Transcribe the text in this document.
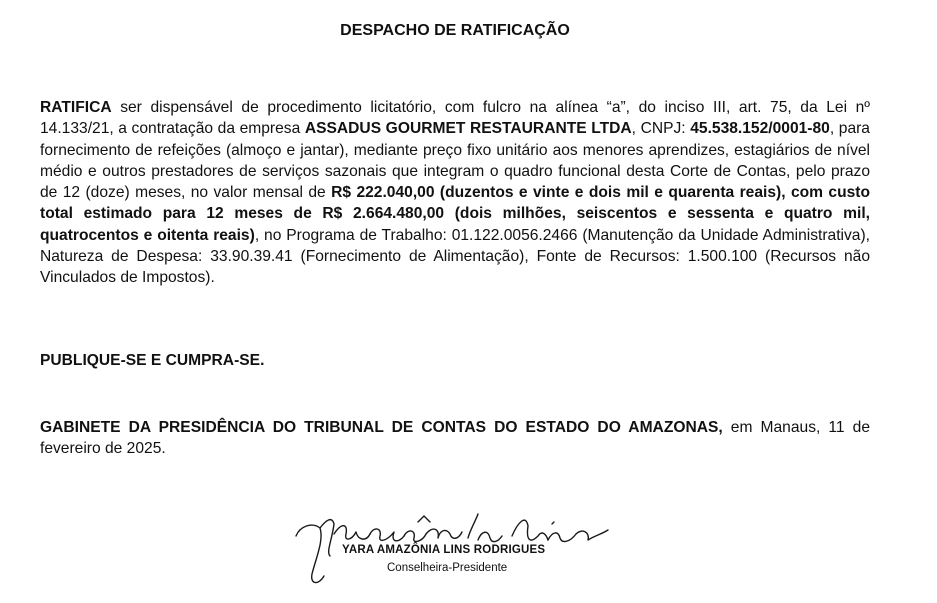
DESPACHO DE RATIFICAÇÃO

RATIFICA ser dispensável de procedimento licitatório, com fulcro na alínea “a”, do inciso III, art. 75, da Lei nº 14.133/21, a contratação da empresa ASSADUS GOURMET RESTAURANTE LTDA, CNPJ: 45.538.152/0001-80, para fornecimento de refeições (almoço e jantar), mediante preço fixo unitário aos menores aprendizes, estagiários de nível médio e outros prestadores de serviços sazonais que integram o quadro funcional desta Corte de Contas, pelo prazo de 12 (doze) meses, no valor mensal de R$ 222.040,00 (duzentos e vinte e dois mil e quarenta reais), com custo total estimado para 12 meses de R$ 2.664.480,00 (dois milhões, seiscentos e sessenta e quatro mil, quatrocentos e oitenta reais), no Programa de Trabalho: 01.122.0056.2466 (Manutenção da Unidade Administrativa), Natureza de Despesa: 33.90.39.41 (Fornecimento de Alimentação), Fonte de Recursos: 1.500.100 (Recursos não Vinculados de Impostos).

PUBLIQUE-SE E CUMPRA-SE.

GABINETE DA PRESIDÊNCIA DO TRIBUNAL DE CONTAS DO ESTADO DO AMAZONAS, em Manaus, 11 de fevereiro de 2025.

YARA AMAZÔNIA LINS RODRIGUES
Conselheira-Presidente
